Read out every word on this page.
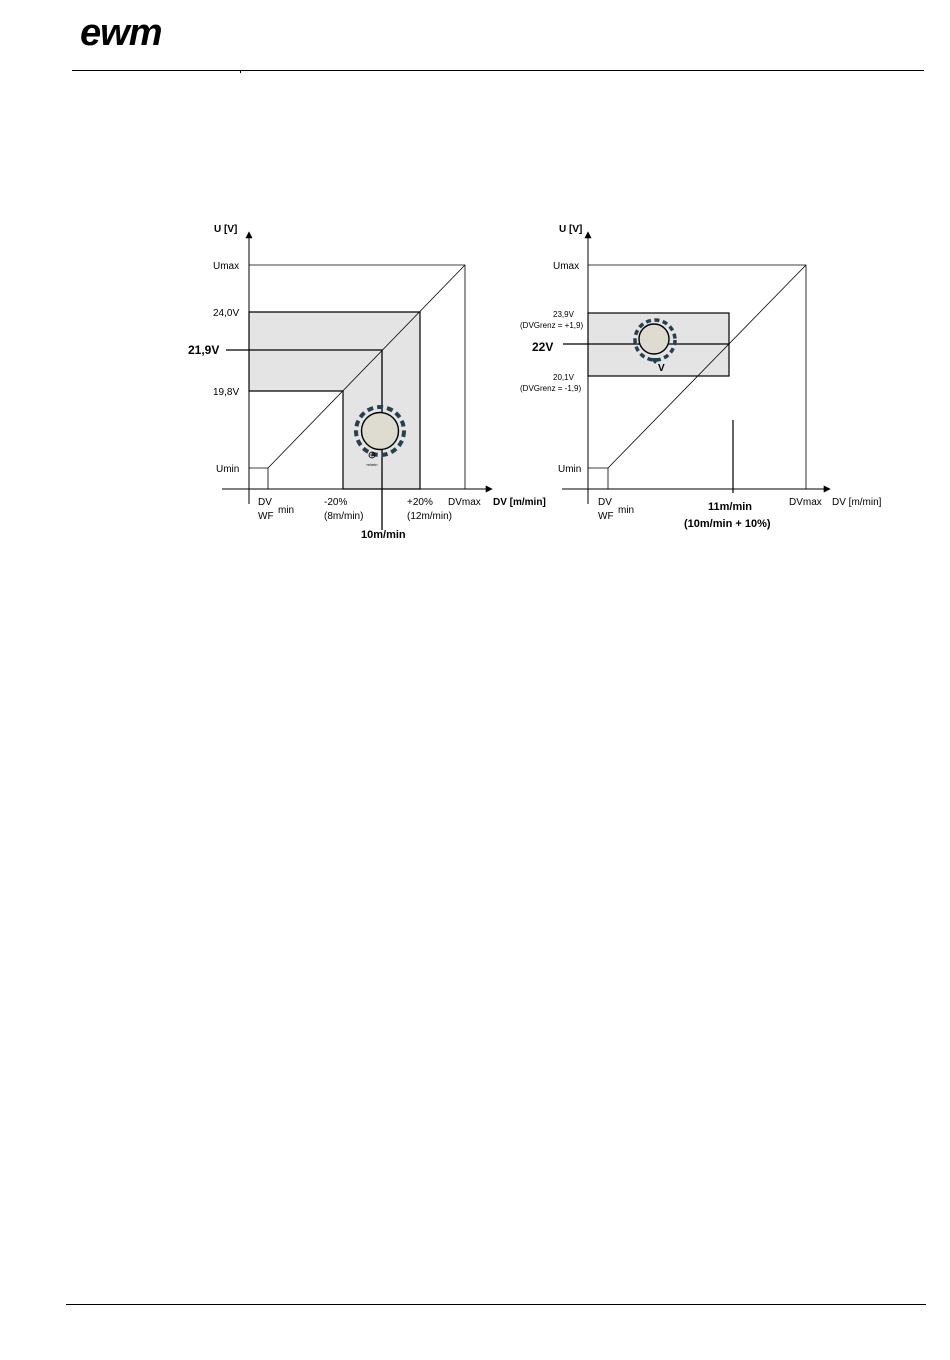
ewm
m/min
U [V]
Umax
24,0V
21,9V
19,8V
Umin
DV
WF
min
-20%
(8m/min)
+20%
(12m/min)
DVmax DV [m/min]
10m/min
V
U [V]
Umax
23,9V
(DVGrenz = +1,9)
22V
20,1V
(DVGrenz = -1,9)
Umin
DV
WF
min	11m/min
(10m/min + 10%)
DVmax DV [m/min]
